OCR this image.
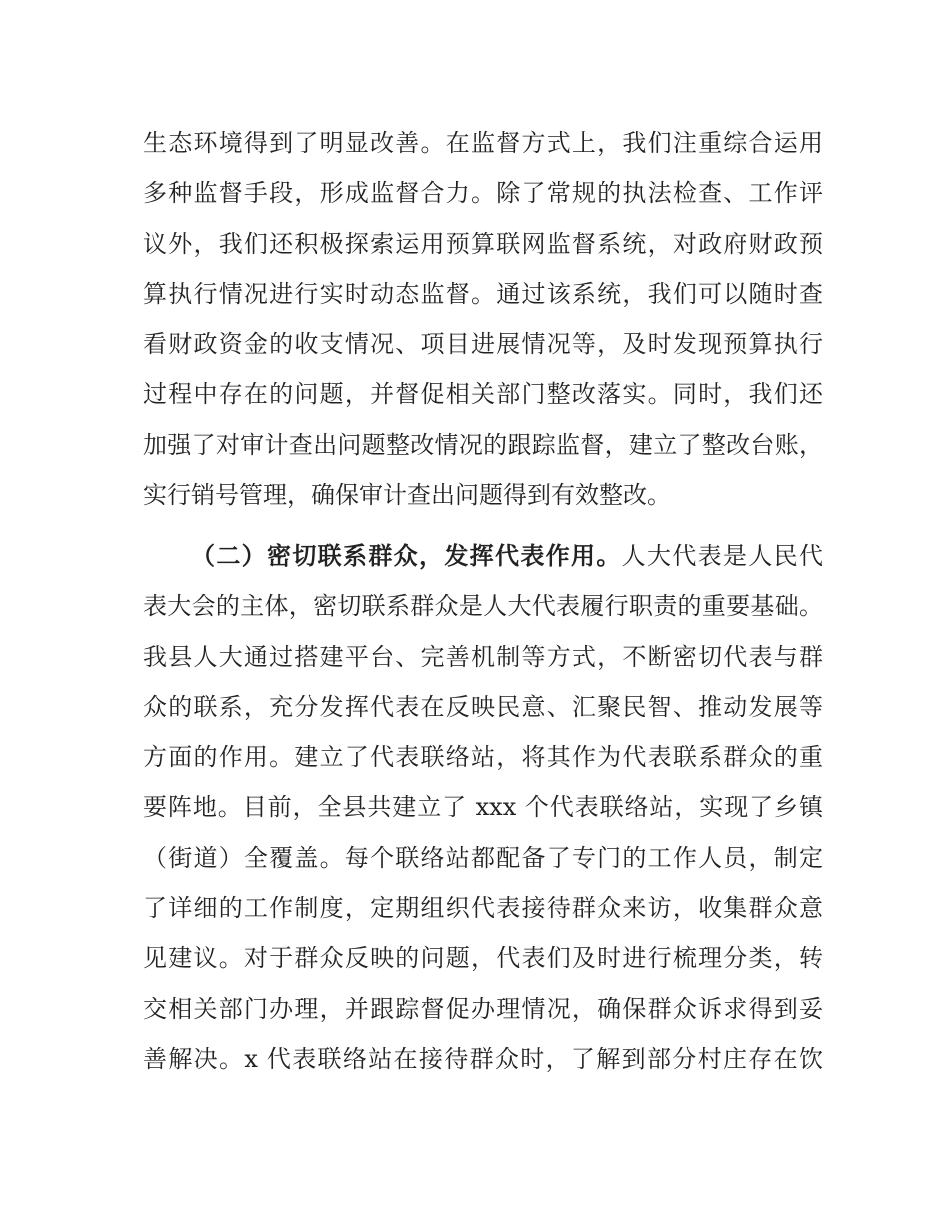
生态环境得到了明显改善。在监督方式上，我们注重综合运用
多种监督手段，形成监督合力。除了常规的执法检查、工作评
议外，我们还积极探索运用预算联网监督系统，对政府财政预
算执行情况进行实时动态监督。通过该系统，我们可以随时查
看财政资金的收支情况、项目进展情况等，及时发现预算执行
过程中存在的问题，并督促相关部门整改落实。同时，我们还
加强了对审计查出问题整改情况的跟踪监督，建立了整改台账，
实行销号管理，确保审计查出问题得到有效整改。
（二）密切联系群众，发挥代表作用。人大代表是人民代
表大会的主体，密切联系群众是人大代表履行职责的重要基础。
我县人大通过搭建平台、完善机制等方式，不断密切代表与群
众的联系，充分发挥代表在反映民意、汇聚民智、推动发展等
方面的作用。建立了代表联络站，将其作为代表联系群众的重
要阵地。目前，全县共建立了 xxx 个代表联络站，实现了乡镇
（街道）全覆盖。每个联络站都配备了专门的工作人员，制定
了详细的工作制度，定期组织代表接待群众来访，收集群众意
见建议。对于群众反映的问题，代表们及时进行梳理分类，转
交相关部门办理，并跟踪督促办理情况，确保群众诉求得到妥
善解决。x 代表联络站在接待群众时，了解到部分村庄存在饮
